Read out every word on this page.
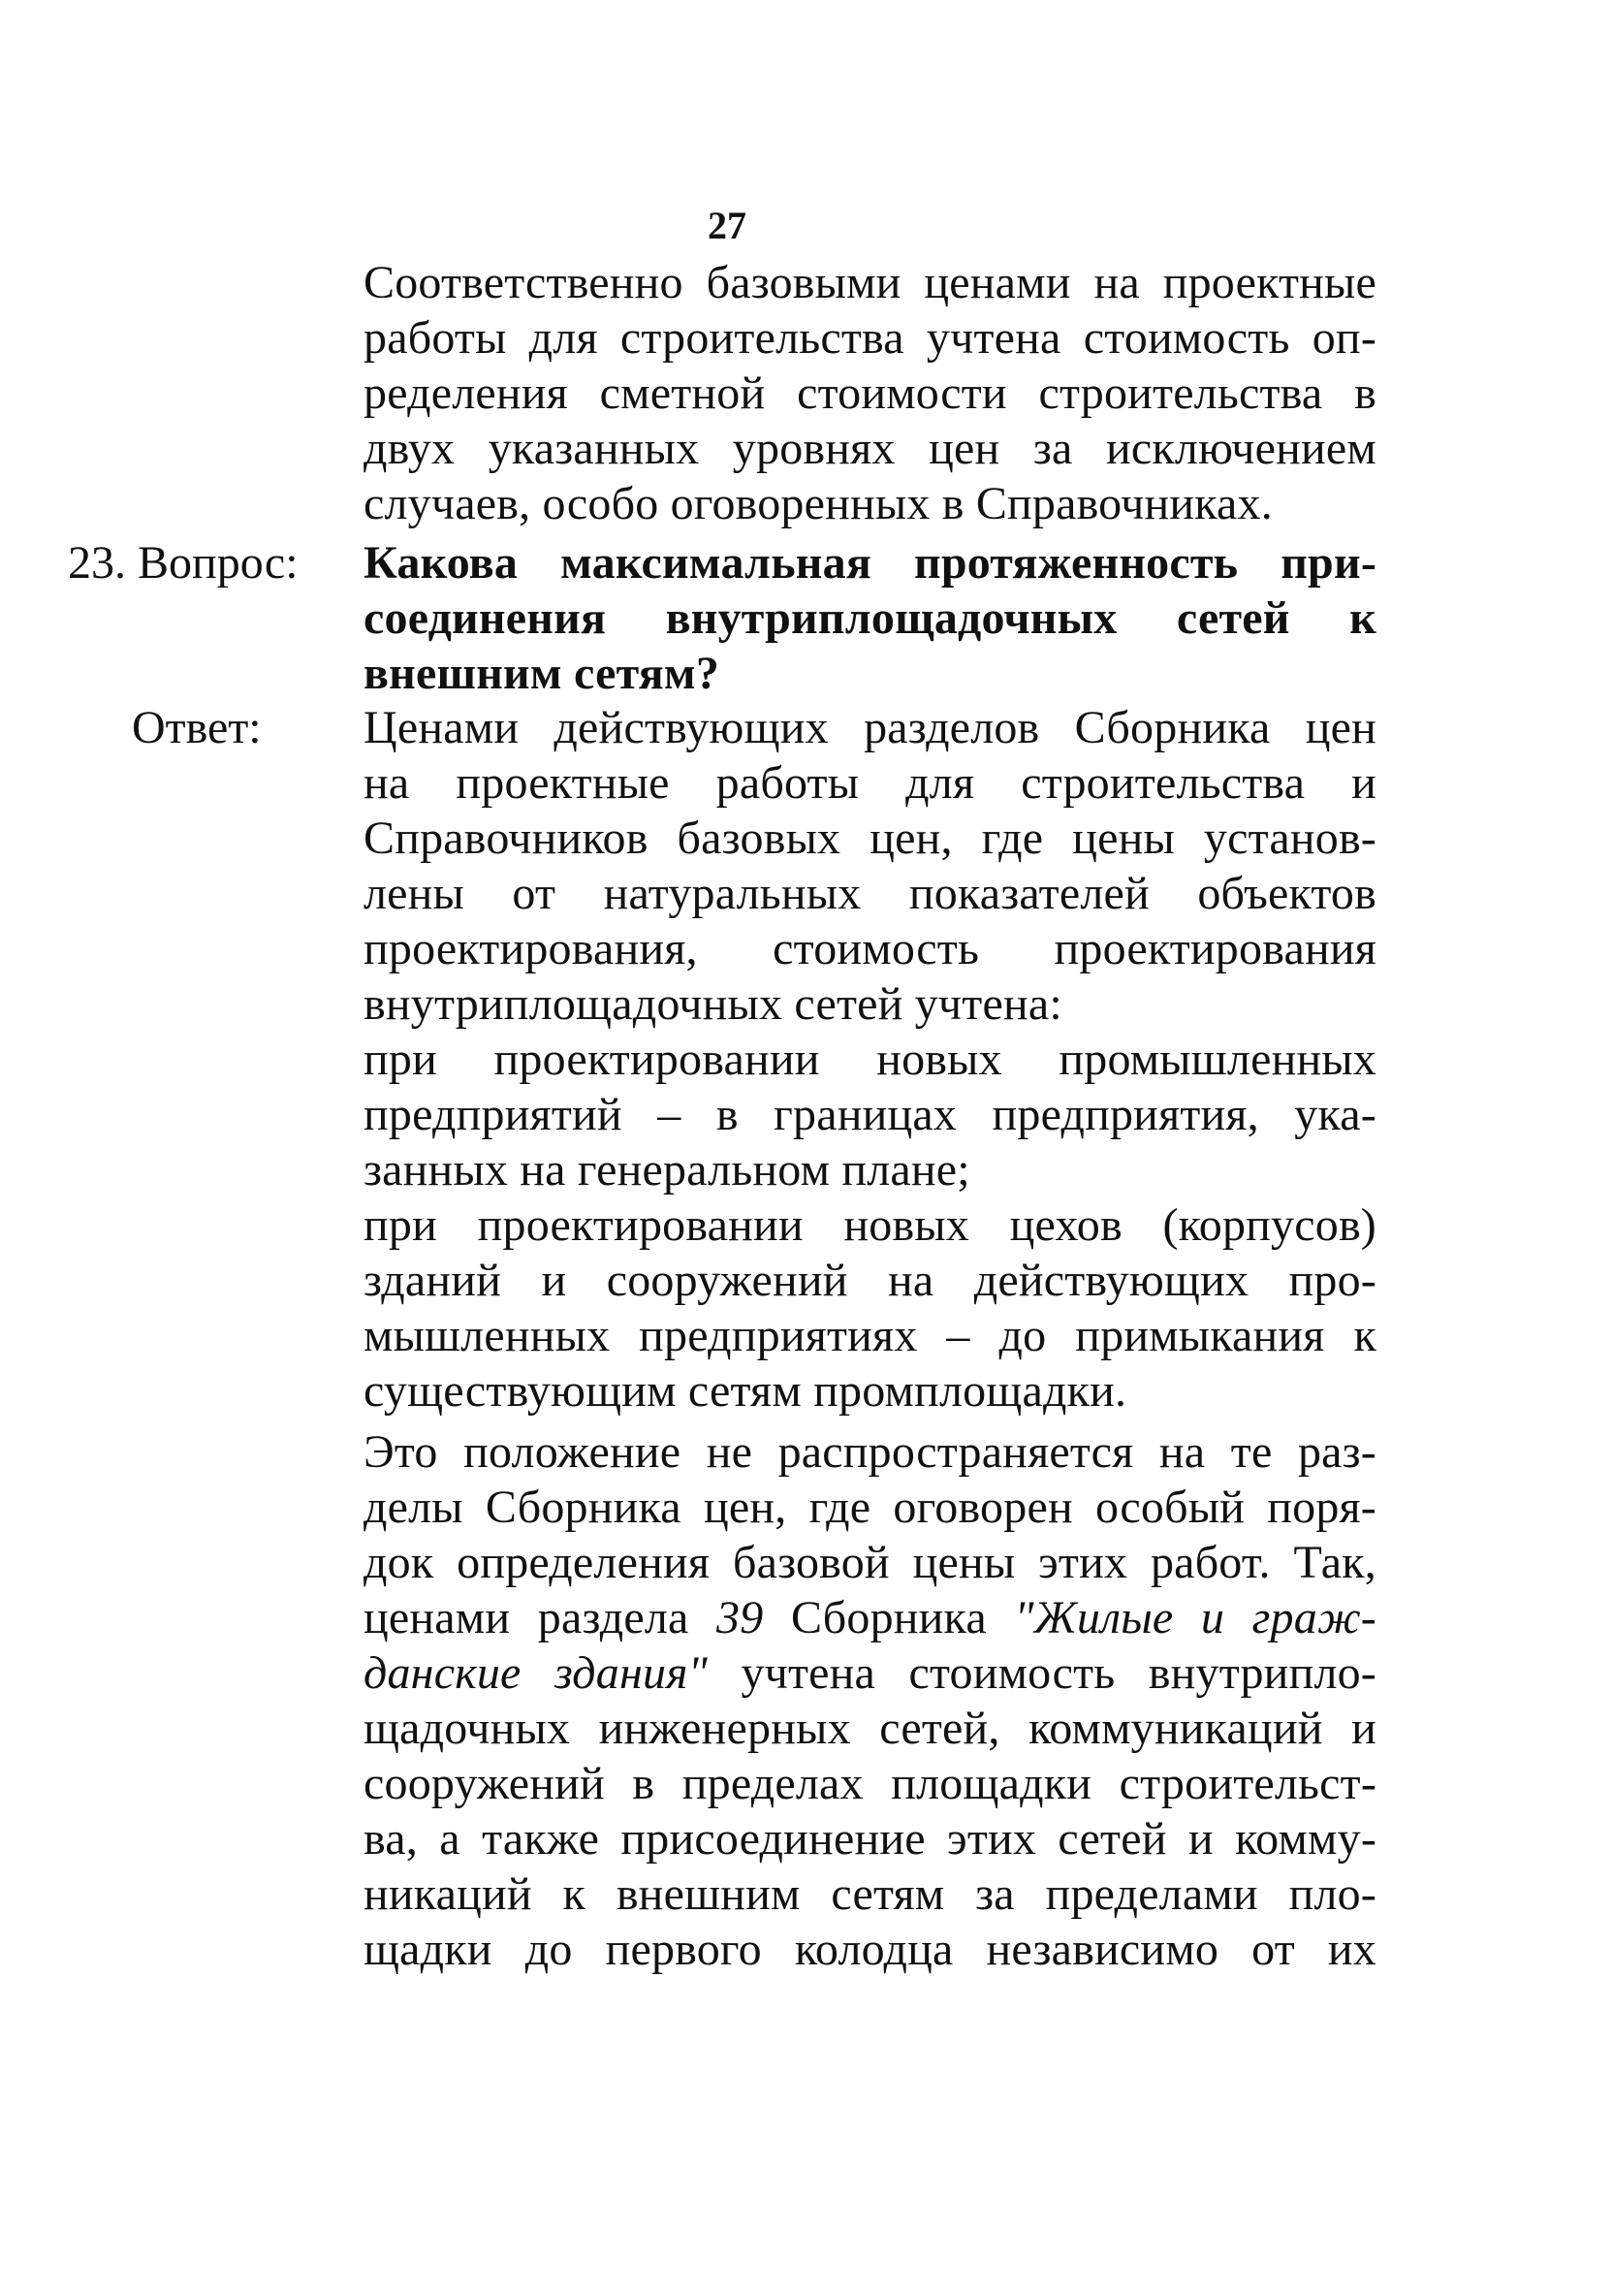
27
Соответственно базовыми ценами на проектные
работы для строительства учтена стоимость оп-
ределения сметной стоимости строительства в
двух указанных уровнях цен за исключением
случаев, особо оговоренных в Справочниках.
23. Вопрос: Какова максимальная протяженность при-
соединения внутриплощадочных сетей к
внешним сетям?
Ответ: Ценами действующих разделов Сборника цен
на проектные работы для строительства и
Справочников базовых цен, где цены установ-
лены от натуральных показателей объектов
проектирования, стоимость проектирования
внутриплощадочных сетей учтена:
при проектировании новых промышленных
предприятий – в границах предприятия, ука-
занных на генеральном плане;
при проектировании новых цехов (корпусов)
зданий и сооружений на действующих про-
мышленных предприятиях – до примыкания к
существующим сетям промплощадки.
Это положение не распространяется на те раз-
делы Сборника цен, где оговорен особый поря-
док определения базовой цены этих работ. Так,
ценами раздела 39 Сборника "Жилые и граж-
данские здания" учтена стоимость внутрипло-
щадочных инженерных сетей, коммуникаций и
сооружений в пределах площадки строительст-
ва, а также присоединение этих сетей и комму-
никаций к внешним сетям за пределами пло-
щадки до первого колодца независимо от их
